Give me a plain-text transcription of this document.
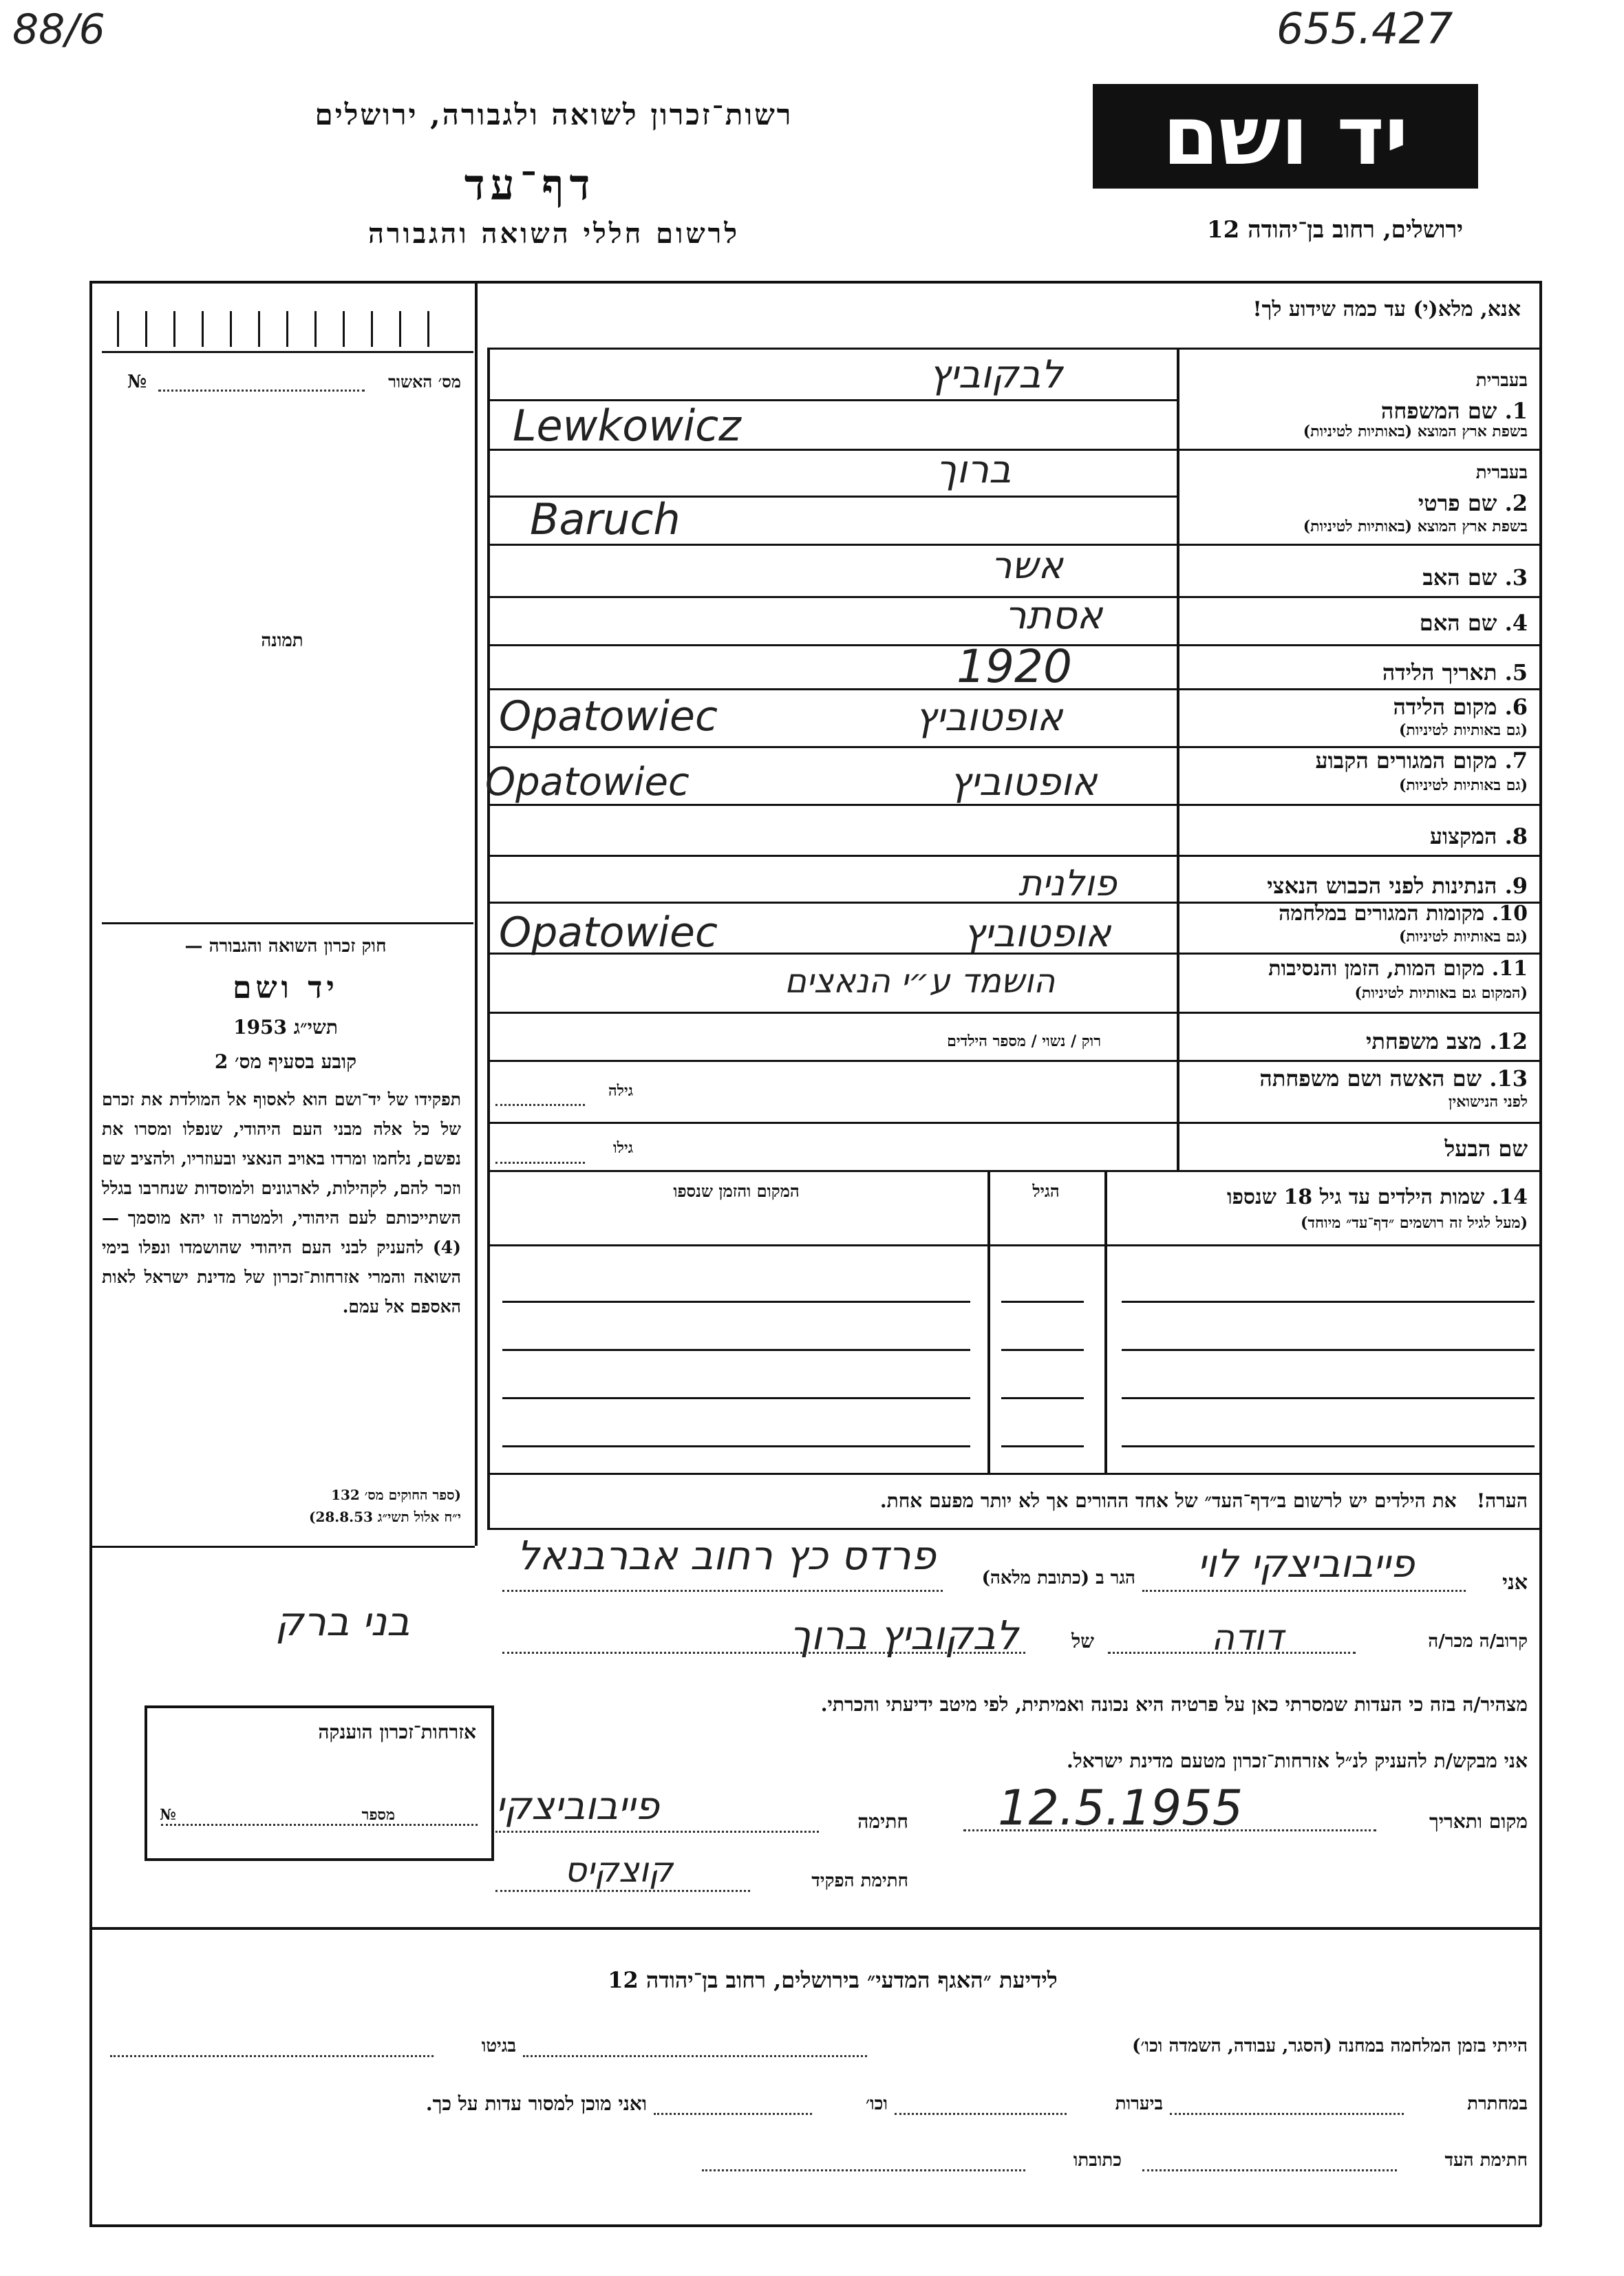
88/6	655.427
יד ושם
רשות־זכרון לשואה ולגבורה, ירושלים
דף־עד
לרשום חללי השואה והגבורה	ירושלים, רחוב בן־יהודה 12
אנא, מלא(י) עד כמה שידוע לך!
מס׳ האשור
№
תמונה
בעברית
1. שם המשפחה
בשפת ארץ המוצא (באותיות לטיניות)
לבקוביץ
Lewkowicz
בעברית
2. שם פרטי
בשפת ארץ המוצא (באותיות לטיניות)
ברוך
Baruch
3. שם האב
אשר
4. שם האם
אסתר
5. תאריך הלידה
1920
6. מקום הלידה
(גם באותיות לטיניות)
Opatowiec	אופטוביץ
7. מקום המגורים הקבוע
(גם באותיות לטיניות)
Opatowiec	אופטוביץ
8. המקצוע
9. הנתינות לפני הכבוש הנאצי
פולנית
10. מקומות המגורים במלחמה
(גם באותיות לטיניות)
Opatowiec	אופטוביץ
11. מקום המות, הזמן והנסיבות
(המקום גם באותיות לטיניות)
הושמד ע״י הנאצים
12. מצב משפחתי
רוק / נשוי / מספר הילדים
13. שם האשה ושם משפחתה
לפני הנישואין
גילה
שם הבעל
גילו
14. שמות הילדים עד גיל 18 שנספו
(מעל לגיל זה רושמים ״דף־עד״ מיוחד)
הגיל
המקום והזמן שנספו
הערה!   את הילדים יש לרשום ב״דף־העד״ של אחד ההורים אך לא יותר מפעם אחת.
חוק זכרון השואה והגבורה —
יד ושם
תשי״ג 1953
קובע בסעיף מס׳ 2
תפקידו של יד־ושם הוא לאסוף אל המולדת את זכרם של כל אלה מבני העם היהודי, שנפלו ומסרו את נפשם, נלחמו ומרדו באויב הנאצי ובעוזריו, ולהציב שם וזכר להם, לקהילות, לארגונים ולמוסדות שנחרבו בגלל השתייכותם לעם היהודי, ולמטרה זו יהא מוסמך — (4) להעניק לבני העם היהודי שהושמדו ונפלו בימי השואה והמרי אזרחות־זכרון של מדינת ישראל לאות האספם אל עמם.
(ספר החוקים מס׳ 132
י״ח אלול תשי״ג 28.8.53)
אני
פייבוביצקי לוי
הגר ב (כתובת מלאה)
פרדס כץ רחוב אברבנאל
בני ברק	קרוב/ה מכר/ה
דודה
של
לבקוביץ ברוך
מצהיר/ה בזה כי העדות שמסרתי כאן על פרטיה היא נכונה ואמיתית, לפי מיטב ידיעתי והכרתי.
אני מבקש/ת להעניק לנ״ל אזרחות־זכרון מטעם מדינת ישראל.
מקום ותאריך
12.5.1955
חתימה
פייבוביצקי
חתימת הפקיד
קוצקיס
אזרחות־זכרון הוענקה
מספר
№
לידיעת ״האגף המדעי״ בירושלים, רחוב בן־יהודה 12
הייתי בזמן המלחמה במחנה (הסגר, עבודה, השמדה וכו׳)
בגיטו
במחתרת
ביערות
וכו׳
ואני מוכן למסור עדות על כך.
חתימת העד
כתובתו
